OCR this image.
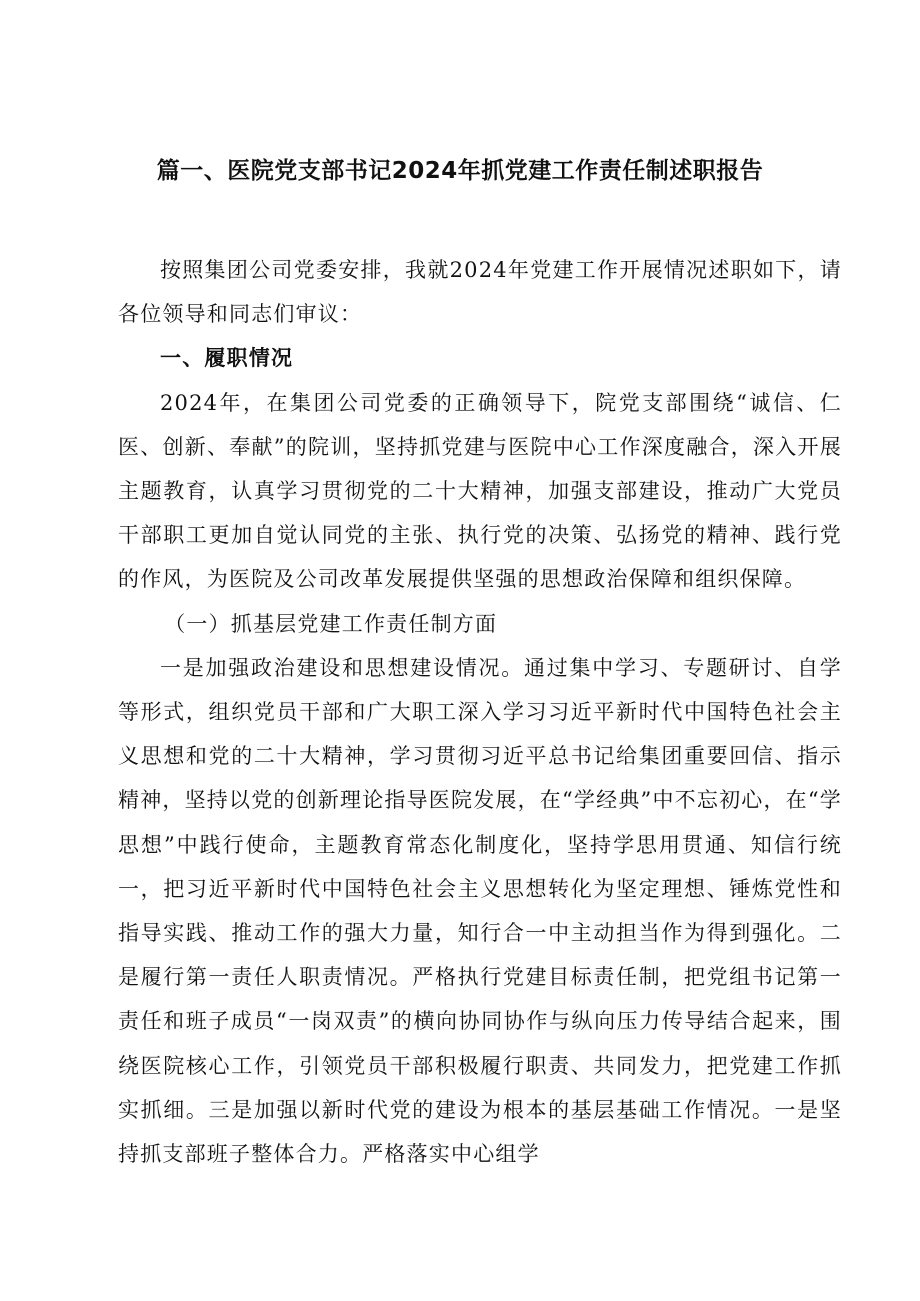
篇一、医院党支部书记2024年抓党建工作责任制述职报告

按照集团公司党委安排，我就2024年党建工作开展情况述职如下，请各位领导和同志们审议：

一、履职情况

2024年，在集团公司党委的正确领导下，院党支部围绕“诚信、仁医、创新、奉献”的院训，坚持抓党建与医院中心工作深度融合，深入开展主题教育，认真学习贯彻党的二十大精神，加强支部建设，推动广大党员干部职工更加自觉认同党的主张、执行党的决策、弘扬党的精神、践行党的作风，为医院及公司改革发展提供坚强的思想政治保障和组织保障。

（一）抓基层党建工作责任制方面

一是加强政治建设和思想建设情况。通过集中学习、专题研讨、自学等形式，组织党员干部和广大职工深入学习习近平新时代中国特色社会主义思想和党的二十大精神，学习贯彻习近平总书记给集团重要回信、指示精神，坚持以党的创新理论指导医院发展，在“学经典”中不忘初心，在“学思想”中践行使命，主题教育常态化制度化，坚持学思用贯通、知信行统一，把习近平新时代中国特色社会主义思想转化为坚定理想、锤炼党性和指导实践、推动工作的强大力量，知行合一中主动担当作为得到强化。二是履行第一责任人职责情况。严格执行党建目标责任制，把党组书记第一责任和班子成员“一岗双责”的横向协同协作与纵向压力传导结合起来，围绕医院核心工作，引领党员干部积极履行职责、共同发力，把党建工作抓实抓细。三是加强以新时代党的建设为根本的基层基础工作情况。一是坚持抓支部班子整体合力。严格落实中心组学
